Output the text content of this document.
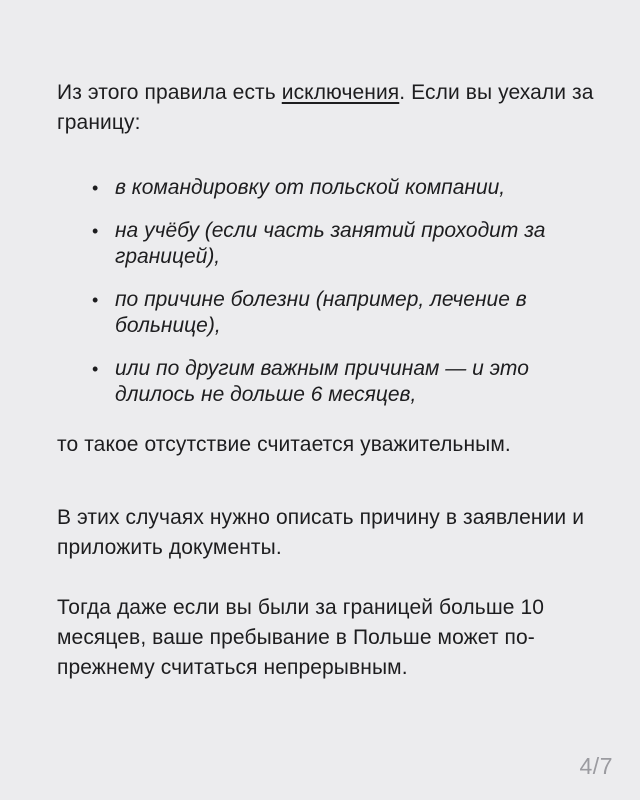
Из этого правила есть исключения. Если вы уехали за границу:

• в командировку от польской компании,
• на учёбу (если часть занятий проходит за границей),
• по причине болезни (например, лечение в больнице),
• или по другим важным причинам — и это длилось не дольше 6 месяцев,

то такое отсутствие считается уважительным.

В этих случаях нужно описать причину в заявлении и приложить документы.

Тогда даже если вы были за границей больше 10 месяцев, ваше пребывание в Польше может по-прежнему считаться непрерывным.

4/7
